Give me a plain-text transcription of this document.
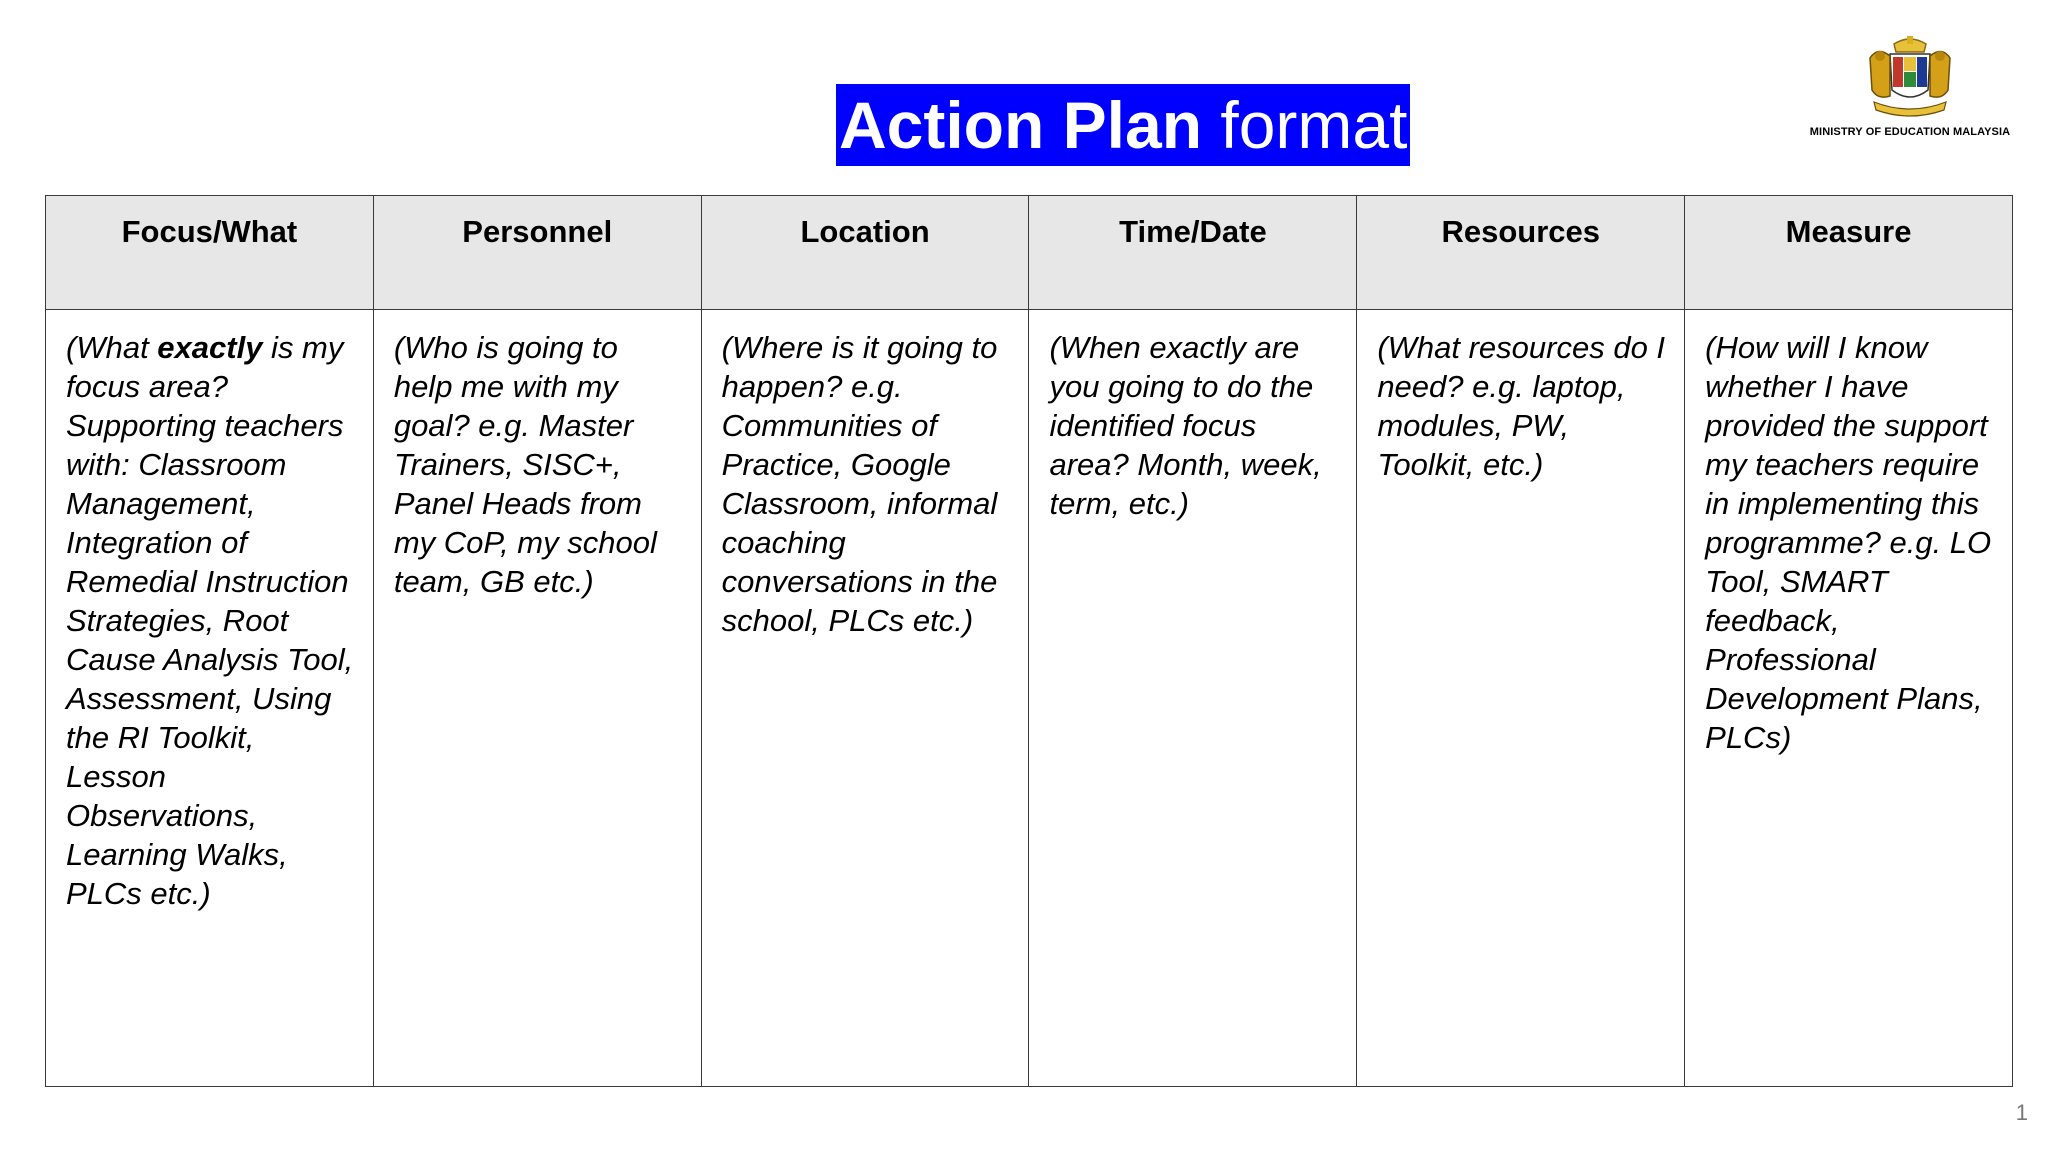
Action Plan format	MINISTRY OF EDUCATION MALAYSIA
Focus/What	Personnel	Location	Time/Date	Resources	Measure
(What exactly is my focus area? Supporting teachers with: Classroom Management, Integration of Remedial Instruction Strategies, Root Cause Analysis Tool, Assessment, Using the RI Toolkit, Lesson Observations, Learning Walks, PLCs etc.)	(Who is going to help me with my goal? e.g. Master Trainers, SISC+, Panel Heads from my CoP, my school team, GB etc.)	(Where is it going to happen? e.g. Communities of Practice, Google Classroom, informal coaching conversations in the school, PLCs etc.)	(When exactly are you going to do the identified focus area? Month, week, term, etc.)	(What resources do I need? e.g. laptop, modules, PW, Toolkit, etc.)	(How will I know whether I have provided the support my teachers require in implementing this programme? e.g. LO Tool, SMART feedback, Professional Development Plans, PLCs)
1
